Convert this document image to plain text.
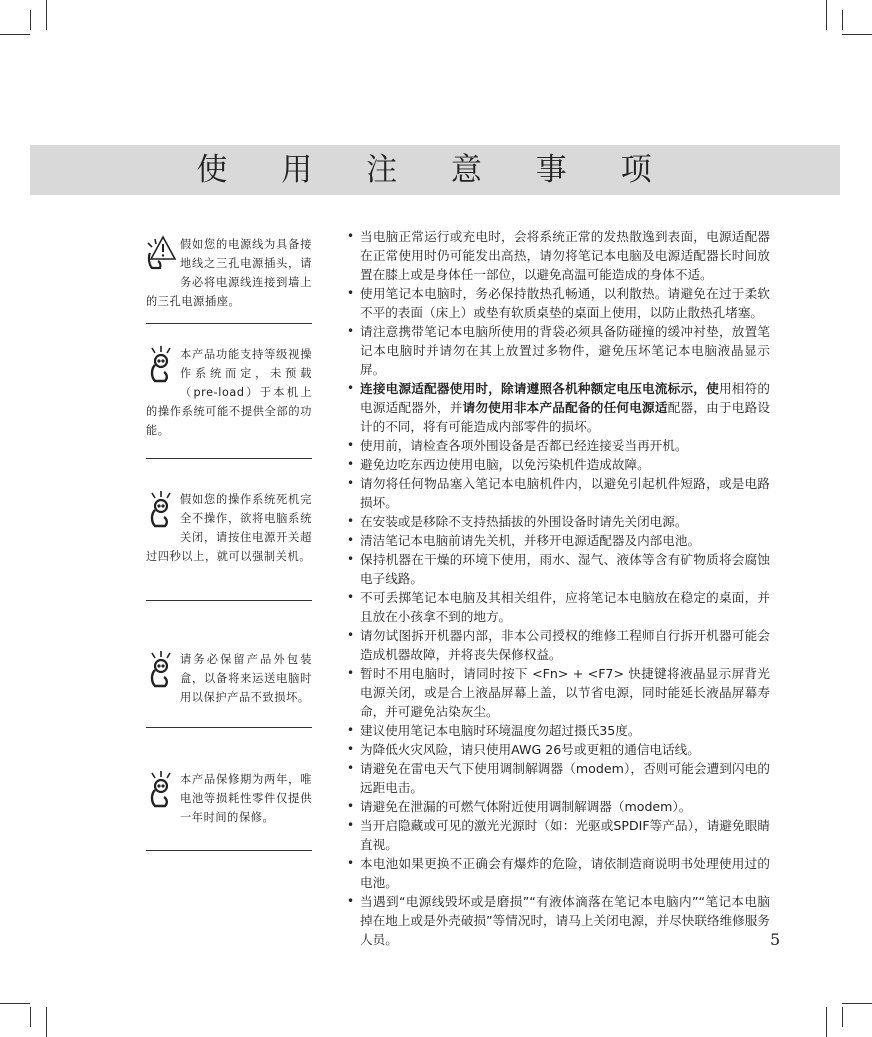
使 用 注 意 事 项
假如您的电源线为具备接地线之三孔电源插头，请务必将电源线连接到墙上的三孔电源插座。
本产品功能支持等级视操作系统而定，未预载（pre-load）于本机上的操作系统可能不提供全部的功能。
假如您的操作系统死机完全不操作，欲将电脑系统关闭，请按住电源开关超过四秒以上，就可以强制关机。
请务必保留产品外包装盒，以备将来运送电脑时用以保护产品不致损坏。
本产品保修期为两年，唯电池等损耗性零件仅提供一年时间的保修。
• 当电脑正常运行或充电时，会将系统正常的发热散逸到表面，电源适配器在正常使用时仍可能发出高热，请勿将笔记本电脑及电源适配器长时间放置在膝上或是身体任一部位，以避免高温可能造成的身体不适。
• 使用笔记本电脑时，务必保持散热孔畅通，以利散热。请避免在过于柔软不平的表面（床上）或垫有软质桌垫的桌面上使用，以防止散热孔堵塞。
• 请注意携带笔记本电脑所使用的背袋必须具备防碰撞的缓冲衬垫，放置笔记本电脑时并请勿在其上放置过多物件，避免压坏笔记本电脑液晶显示屏。
• 连接电源适配器使用时，除请遵照各机种额定电压电流标示，使用相符的电源适配器外，并请勿使用非本产品配备的任何电源适配器，由于电路设计的不同，将有可能造成内部零件的损坏。
• 使用前，请检查各项外围设备是否都已经连接妥当再开机。
• 避免边吃东西边使用电脑，以免污染机件造成故障。
• 请勿将任何物品塞入笔记本电脑机件内，以避免引起机件短路，或是电路损坏。
• 在安装或是移除不支持热插拔的外围设备时请先关闭电源。
• 清洁笔记本电脑前请先关机，并移开电源适配器及内部电池。
• 保持机器在干燥的环境下使用，雨水、湿气、液体等含有矿物质将会腐蚀电子线路。
• 不可丢掷笔记本电脑及其相关组件，应将笔记本电脑放在稳定的桌面，并且放在小孩拿不到的地方。
• 请勿试图拆开机器内部，非本公司授权的维修工程师自行拆开机器可能会造成机器故障，并将丧失保修权益。
• 暂时不用电脑时，请同时按下 <Fn> + <F7> 快捷键将液晶显示屏背光电源关闭，或是合上液晶屏幕上盖，以节省电源，同时能延长液晶屏幕寿命，并可避免沾染灰尘。
• 建议使用笔记本电脑时环境温度勿超过摄氏35度。
• 为降低火灾风险，请只使用AWG 26号或更粗的通信电话线。
• 请避免在雷电天气下使用调制解调器（modem），否则可能会遭到闪电的远距电击。
• 请避免在泄漏的可燃气体附近使用调制解调器（modem）。
• 当开启隐藏或可见的激光光源时（如：光驱或SPDIF等产品），请避免眼睛直视。
• 本电池如果更换不正确会有爆炸的危险，请依制造商说明书处理使用过的电池。
• 当遇到“电源线毁坏或是磨损”“有液体滴落在笔记本电脑内”“笔记本电脑掉在地上或是外壳破损”等情况时，请马上关闭电源，并尽快联络维修服务人员。	5
